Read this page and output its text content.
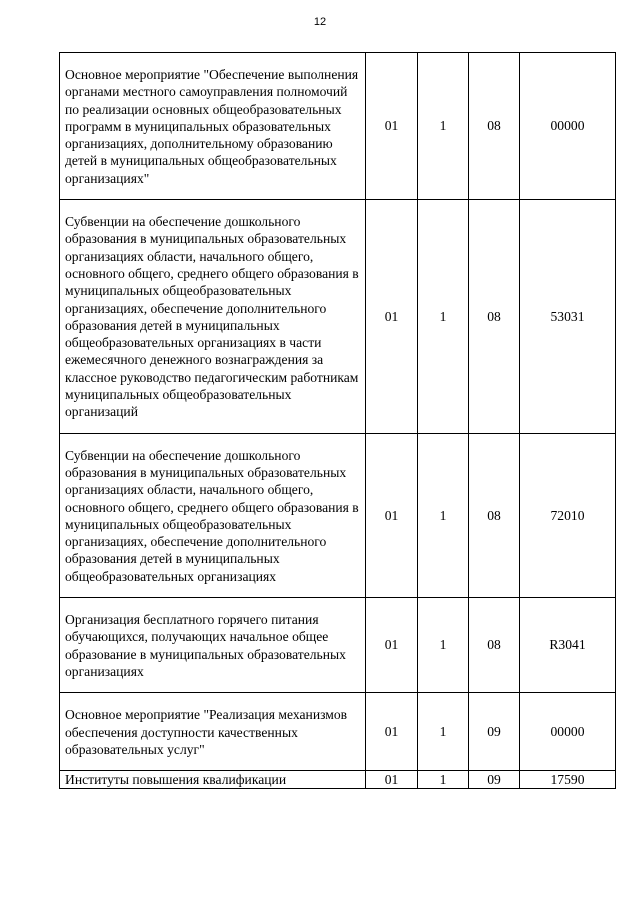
12
Основное мероприятие "Обеспечение выполнения органами местного самоуправления полномочий по реализации основных общеобразовательных программ в муниципальных образовательных организациях, дополнительному образованию детей в муниципальных общеобразовательных организациях"	01	1	08	00000
Субвенции на обеспечение дошкольного образования в муниципальных образовательных организациях области, начального общего, основного общего, среднего общего образования в муниципальных общеобразовательных организациях, обеспечение дополнительного образования детей в муниципальных общеобразовательных организациях в части ежемесячного денежного вознаграждения за классное руководство педагогическим работникам муниципальных общеобразовательных организаций	01	1	08	53031
Субвенции на обеспечение дошкольного образования в муниципальных образовательных организациях области, начального общего, основного общего, среднего общего образования в муниципальных общеобразовательных организациях, обеспечение дополнительного образования детей в муниципальных общеобразовательных организациях	01	1	08	72010
Организация бесплатного горячего питания обучающихся, получающих начальное общее образование в муниципальных образовательных организациях	01	1	08	R3041
Основное мероприятие "Реализация механизмов обеспечения доступности качественных образовательных услуг"	01	1	09	00000
Институты повышения квалификации	01	1	09	17590
